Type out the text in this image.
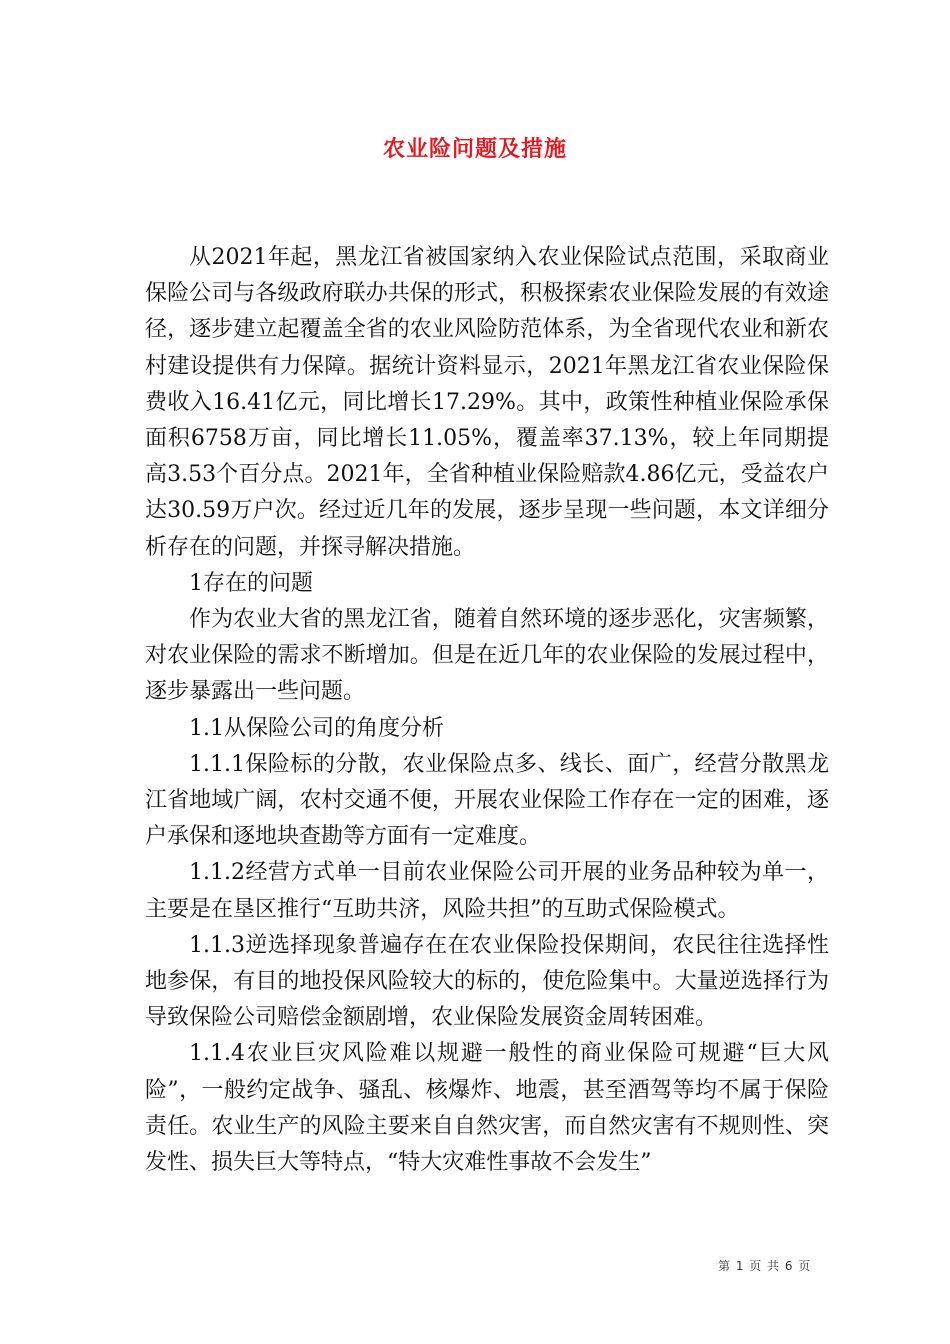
农业险问题及措施

从2021年起，黑龙江省被国家纳入农业保险试点范围，采取商业保险公司与各级政府联办共保的形式，积极探索农业保险发展的有效途径，逐步建立起覆盖全省的农业风险防范体系，为全省现代农业和新农村建设提供有力保障。据统计资料显示，2021年黑龙江省农业保险保费收入16.41亿元，同比增长17.29%。其中，政策性种植业保险承保面积6758万亩，同比增长11.05%，覆盖率37.13%，较上年同期提高3.53个百分点。2021年，全省种植业保险赔款4.86亿元，受益农户达30.59万户次。经过近几年的发展，逐步呈现一些问题，本文详细分析存在的问题，并探寻解决措施。

1存在的问题

作为农业大省的黑龙江省，随着自然环境的逐步恶化，灾害频繁，对农业保险的需求不断增加。但是在近几年的农业保险的发展过程中，逐步暴露出一些问题。

1.1从保险公司的角度分析

1.1.1保险标的分散，农业保险点多、线长、面广，经营分散黑龙江省地域广阔，农村交通不便，开展农业保险工作存在一定的困难，逐户承保和逐地块查勘等方面有一定难度。

1.1.2经营方式单一目前农业保险公司开展的业务品种较为单一，主要是在垦区推行“互助共济，风险共担”的互助式保险模式。

1.1.3逆选择现象普遍存在在农业保险投保期间，农民往往选择性地参保，有目的地投保风险较大的标的，使危险集中。大量逆选择行为导致保险公司赔偿金额剧增，农业保险发展资金周转困难。

1.1.4农业巨灾风险难以规避一般性的商业保险可规避“巨大风险”，一般约定战争、骚乱、核爆炸、地震，甚至酒驾等均不属于保险责任。农业生产的风险主要来自自然灾害，而自然灾害有不规则性、突发性、损失巨大等特点，“特大灾难性事故不会发生”

第 1 页 共 6 页
